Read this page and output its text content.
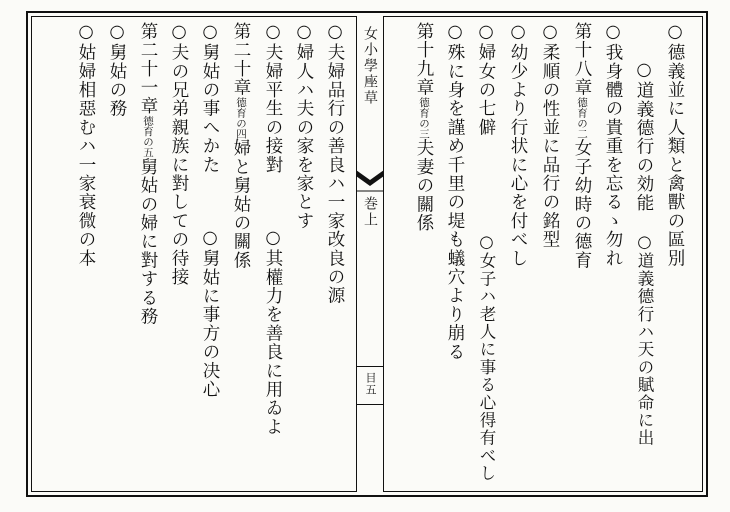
女小學𫝶草
巻上
目五
○德義並に人類と禽獸の區別
○道義德行の効能
○我身體の貴重を忘るゝ勿れ
第十八章德育の二女子幼時の德育
○柔順の性並に品行の銘型
○幼少より行状に心を付べし
○婦女の七僻
○殊に身を謹め千里の堤も蟻穴より崩る
第十九章德育の三夫妻の關係
○道義德行ハ天の賦命に出
○女子ハ老人に事る心得有べし
○夫婦品行の善良ハ一家改良の源
○婦人ハ夫の家を家とす
○夫婦平生の接對
第二十章德育の四婦と舅姑の關係
○舅姑の事へかた
○夫の兄弟親族に對しての待接
第二十一章德育の五舅姑の婦に對する務
○舅姑の務
○姑婦相惡むハ一家衰微の本
○其權力を善良に用ゐよ
○舅姑に事方の决心
